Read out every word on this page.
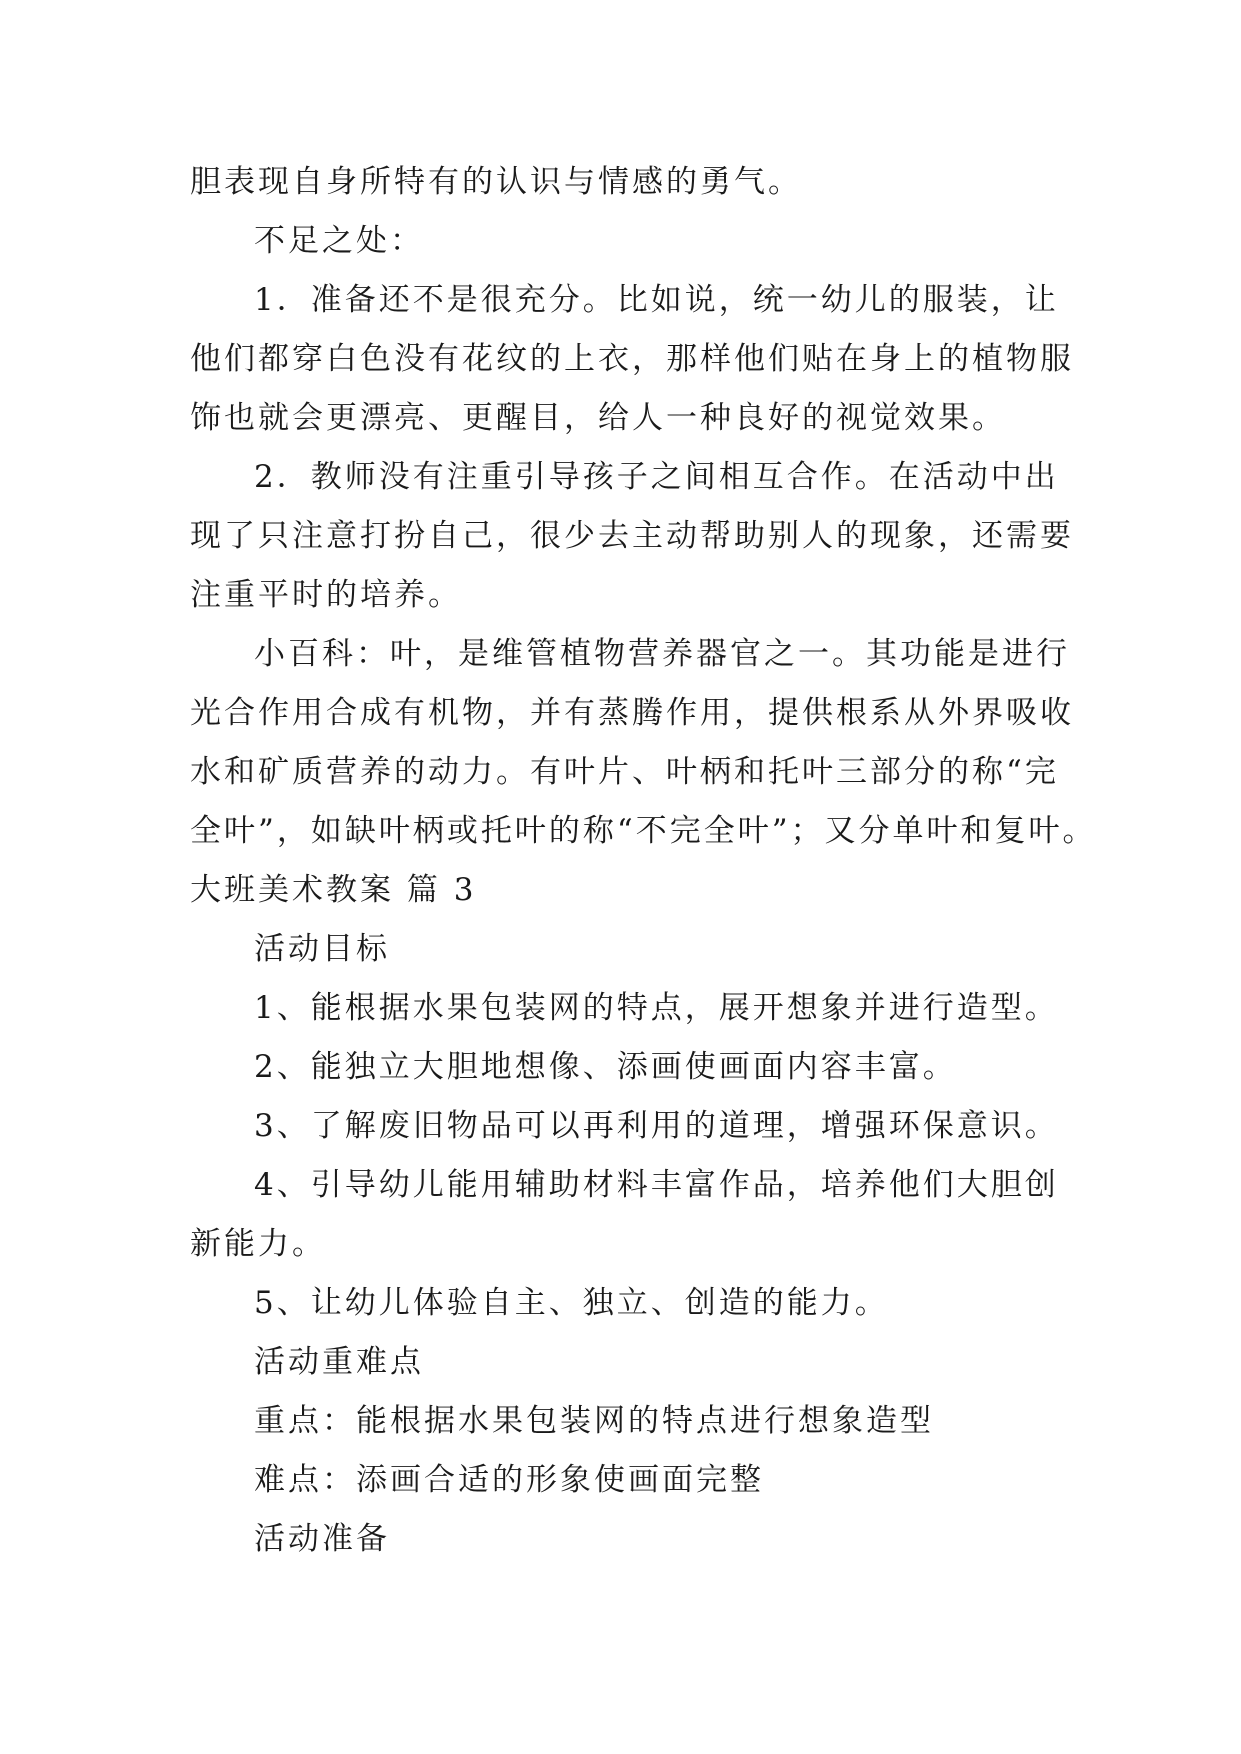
胆表现自身所特有的认识与情感的勇气。
不足之处：
1．准备还不是很充分。比如说，统一幼儿的服装，让
他们都穿白色没有花纹的上衣，那样他们贴在身上的植物服
饰也就会更漂亮、更醒目，给人一种良好的视觉效果。
2．教师没有注重引导孩子之间相互合作。在活动中出
现了只注意打扮自己，很少去主动帮助别人的现象，还需要
注重平时的培养。
小百科：叶，是维管植物营养器官之一。其功能是进行
光合作用合成有机物，并有蒸腾作用，提供根系从外界吸收
水和矿质营养的动力。有叶片、叶柄和托叶三部分的称“完
全叶”，如缺叶柄或托叶的称“不完全叶”；又分单叶和复叶。
大班美术教案 篇 3
活动目标
1、能根据水果包装网的特点，展开想象并进行造型。
2、能独立大胆地想像、添画使画面内容丰富。
3、了解废旧物品可以再利用的道理，增强环保意识。
4、引导幼儿能用辅助材料丰富作品，培养他们大胆创
新能力。
5、让幼儿体验自主、独立、创造的能力。
活动重难点
重点：能根据水果包装网的特点进行想象造型
难点：添画合适的形象使画面完整
活动准备
